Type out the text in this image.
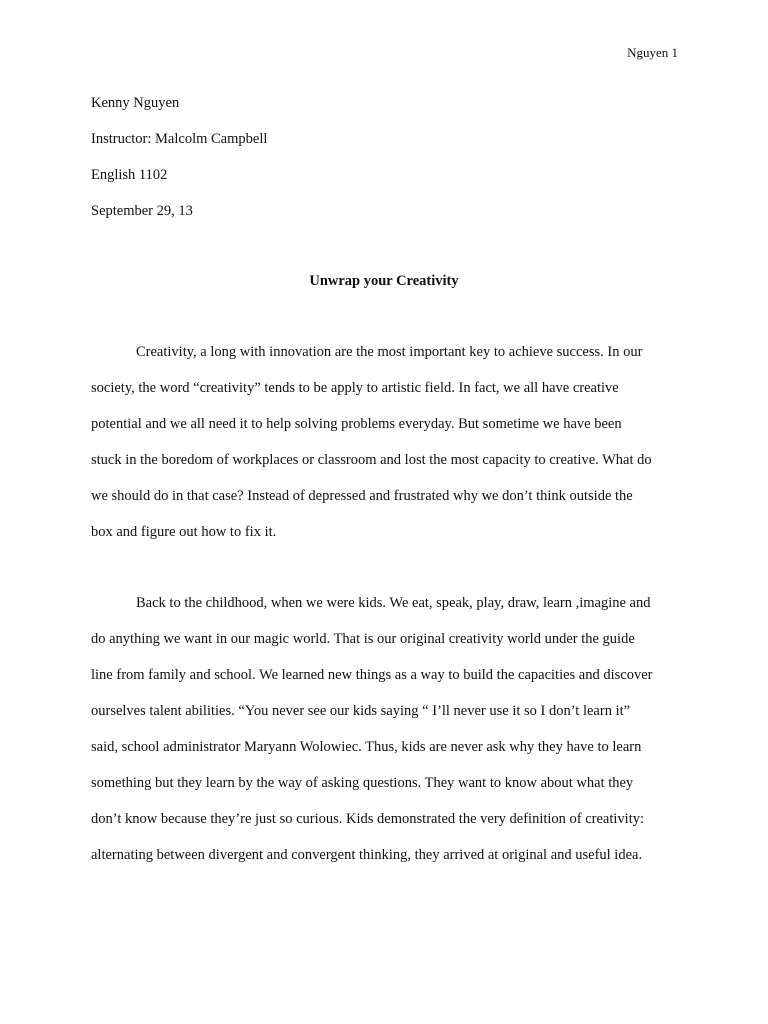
Nguyen 1
Kenny Nguyen
Instructor: Malcolm Campbell
English 1102
September 29, 13
Unwrap your Creativity
Creativity, a long with innovation are the most important key to achieve success. In our
society, the word “creativity” tends to be apply to artistic field. In fact, we all have creative
potential and we all need it to help solving problems everyday. But sometime we have been
stuck in the boredom of workplaces or classroom and lost the most capacity to creative. What do
we should do in that case? Instead of depressed and frustrated why we don’t think outside the
box and figure out how to fix it.
Back to the childhood, when we were kids. We eat, speak, play, draw, learn ,imagine and
do anything we want in our magic world. That is our original creativity world under the guide
line from family and school. We learned new things as a way to build the capacities and discover
ourselves talent abilities. “You never see our kids saying “ I’ll never use it so I don’t learn it”
said, school administrator Maryann Wolowiec. Thus, kids are never ask why they have to learn
something but they learn by the way of asking questions. They want to know about what they
don’t know because they’re just so curious. Kids demonstrated the very definition of creativity:
alternating between divergent and convergent thinking, they arrived at original and useful idea.
